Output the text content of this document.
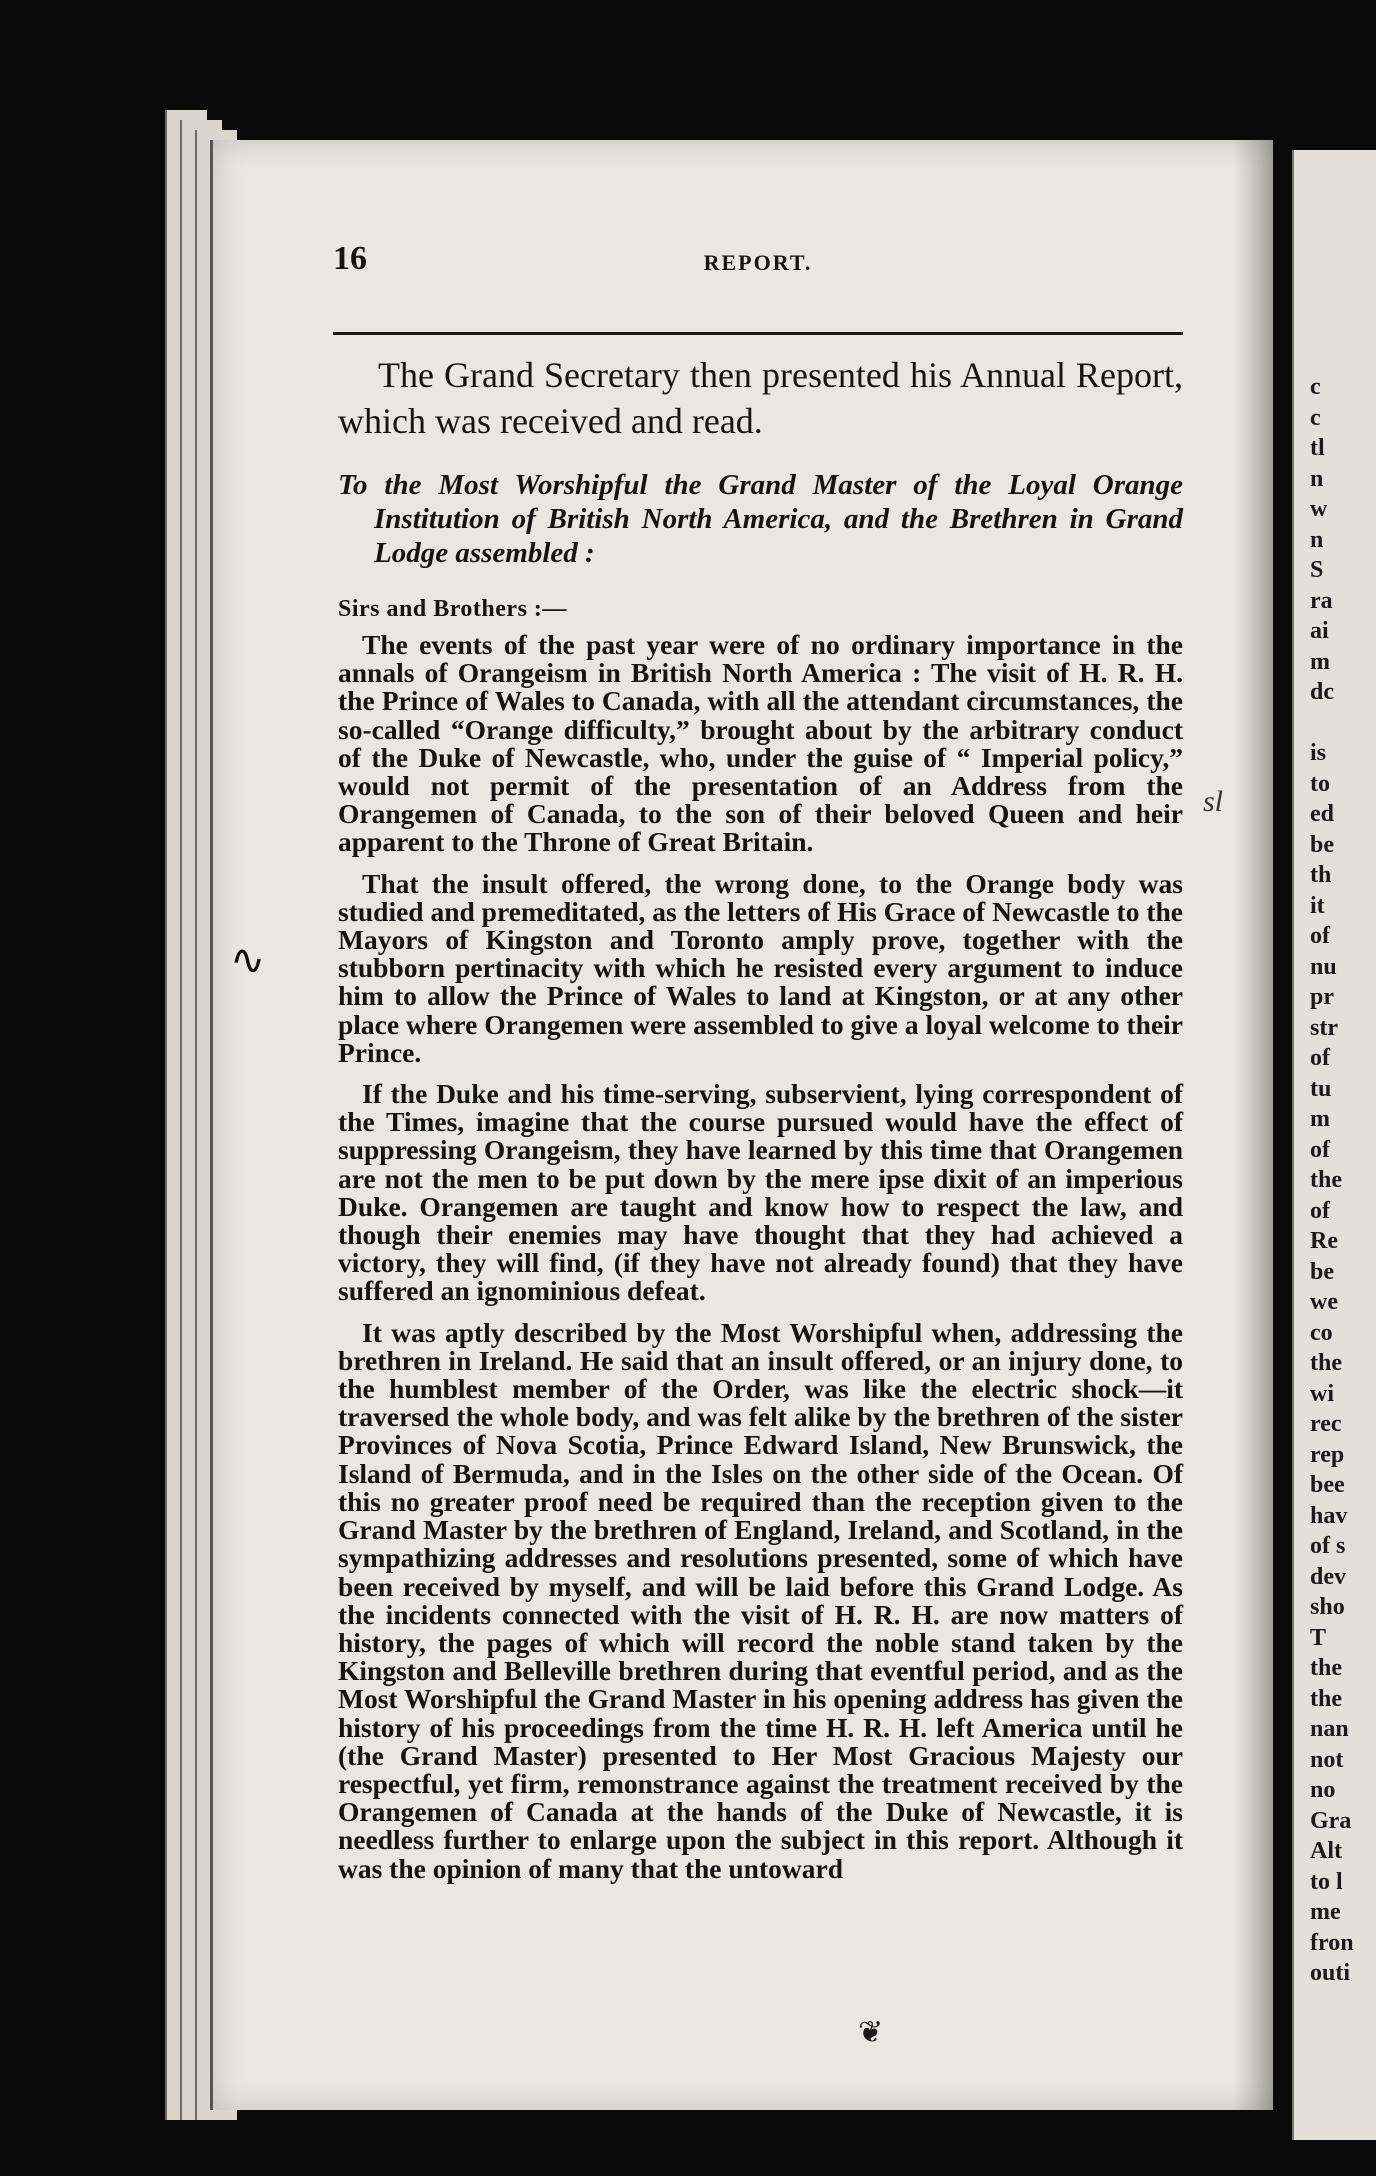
16	REPORT.

The Grand Secretary then presented his Annual Report, which was received and read.

To the Most Worshipful the Grand Master of the Loyal Orange Institution of British North America, and the Brethren in Grand Lodge assembled :

Sirs and Brothers :—

The events of the past year were of no ordinary importance in the annals of Orangeism in British North America : The visit of H. R. H. the Prince of Wales to Canada, with all the attendant circumstances, the so-called “Orange difficulty,” brought about by the arbitrary conduct of the Duke of Newcastle, who, under the guise of “ Imperial policy,” would not permit of the presentation of an Address from the Orangemen of Canada, to the son of their beloved Queen and heir apparent to the Throne of Great Britain.

That the insult offered, the wrong done, to the Orange body was studied and premeditated, as the letters of His Grace of Newcastle to the Mayors of Kingston and Toronto amply prove, together with the stubborn pertinacity with which he resisted every argument to induce him to allow the Prince of Wales to land at Kingston, or at any other place where Orangemen were assembled to give a loyal welcome to their Prince.

If the Duke and his time-serving, subservient, lying correspondent of the Times, imagine that the course pursued would have the effect of suppressing Orangeism, they have learned by this time that Orangemen are not the men to be put down by the mere ipse dixit of an imperious Duke. Orangemen are taught and know how to respect the law, and though their enemies may have thought that they had achieved a victory, they will find, (if they have not already found) that they have suffered an ignominious defeat.

It was aptly described by the Most Worshipful when, addressing the brethren in Ireland. He said that an insult offered, or an injury done, to the humblest member of the Order, was like the electric shock—it traversed the whole body, and was felt alike by the brethren of the sister Provinces of Nova Scotia, Prince Edward Island, New Brunswick, the Island of Bermuda, and in the Isles on the other side of the Ocean. Of this no greater proof need be required than the reception given to the Grand Master by the brethren of England, Ireland, and Scotland, in the sympathizing addresses and resolutions presented, some of which have been received by myself, and will be laid before this Grand Lodge. As the incidents connected with the visit of H. R. H. are now matters of history, the pages of which will record the noble stand taken by the Kingston and Belleville brethren during that eventful period, and as the Most Worshipful the Grand Master in his opening address has given the history of his proceedings from the time H. R. H. left America until he (the Grand Master) presented to Her Most Gracious Majesty our respectful, yet firm, remonstrance against the treatment received by the Orangemen of Canada at the hands of the Duke of Newcastle, it is needless further to enlarge upon the subject in this report. Although it was the opinion of many that the untoward

sl
❦
∿
c
c
tl
n
w
n
S
ra
ai
m
dc

is
to
ed
be
th
it
of
nu
pr
str
of
tu
m
of
the
of
Re
be
we
co
the
wi
rec
rep
bee
hav
of s
dev
sho
T
the
the
nan
not
no
Gra
Alt
to l
me
fron
outi
